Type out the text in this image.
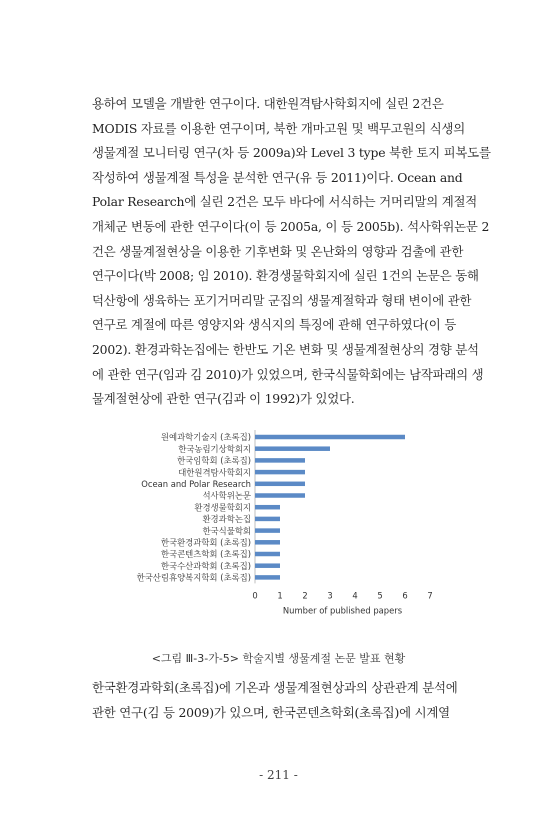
용하여 모델을 개발한 연구이다. 대한원격탐사학회지에 실린 2건은
MODIS 자료를 이용한 연구이며, 북한 개마고원 및 백무고원의 식생의
생물계절 모니터링 연구(차 등 2009a)와 Level 3 type 북한 토지 피복도를
작성하여 생물계절 특성을 분석한 연구(유 등 2011)이다. Ocean and
Polar Research에 실린 2건은 모두 바다에 서식하는 거머리말의 계절적
개체군 변동에 관한 연구이다(이 등 2005a, 이 등 2005b). 석사학위논문 2
건은 생물계절현상을 이용한 기후변화 및 온난화의 영향과 검출에 관한
연구이다(박 2008; 임 2010). 환경생물학회지에 실린 1건의 논문은 동해
덕산항에 생육하는 포기거머리말 군집의 생물계절학과 형태 변이에 관한
연구로 계절에 따른 영양지와 생식지의 특징에 관해 연구하였다(이 등
2002). 환경과학논집에는 한반도 기온 변화 및 생물계절현상의 경향 분석
에 관한 연구(임과 김 2010)가 있었으며, 한국식물학회에는 남작파래의 생
물계절현상에 관한 연구(김과 이 1992)가 있었다.
원예과학기술지 (초록집)
한국농림기상학회지
한국임학회 (초록집)
대한원격탐사학회지
Ocean and Polar Research
석사학위논문
환경생물학회지
환경과학논집
한국식물학회
한국환경과학회 (초록집)
한국콘텐츠학회 (초록집)
한국수산과학회 (초록집)
한국산림휴양복지학회 (초록집)
0 1 2 3 4 5 6 7
Number of published papers
<그림 Ⅲ-3-가-5> 학술지별 생물계절 논문 발표 현황
한국환경과학회(초록집)에 기온과 생물계절현상과의 상관관계 분석에
관한 연구(김 등 2009)가 있으며, 한국콘텐츠학회(초록집)에 시계열
- 211 -
